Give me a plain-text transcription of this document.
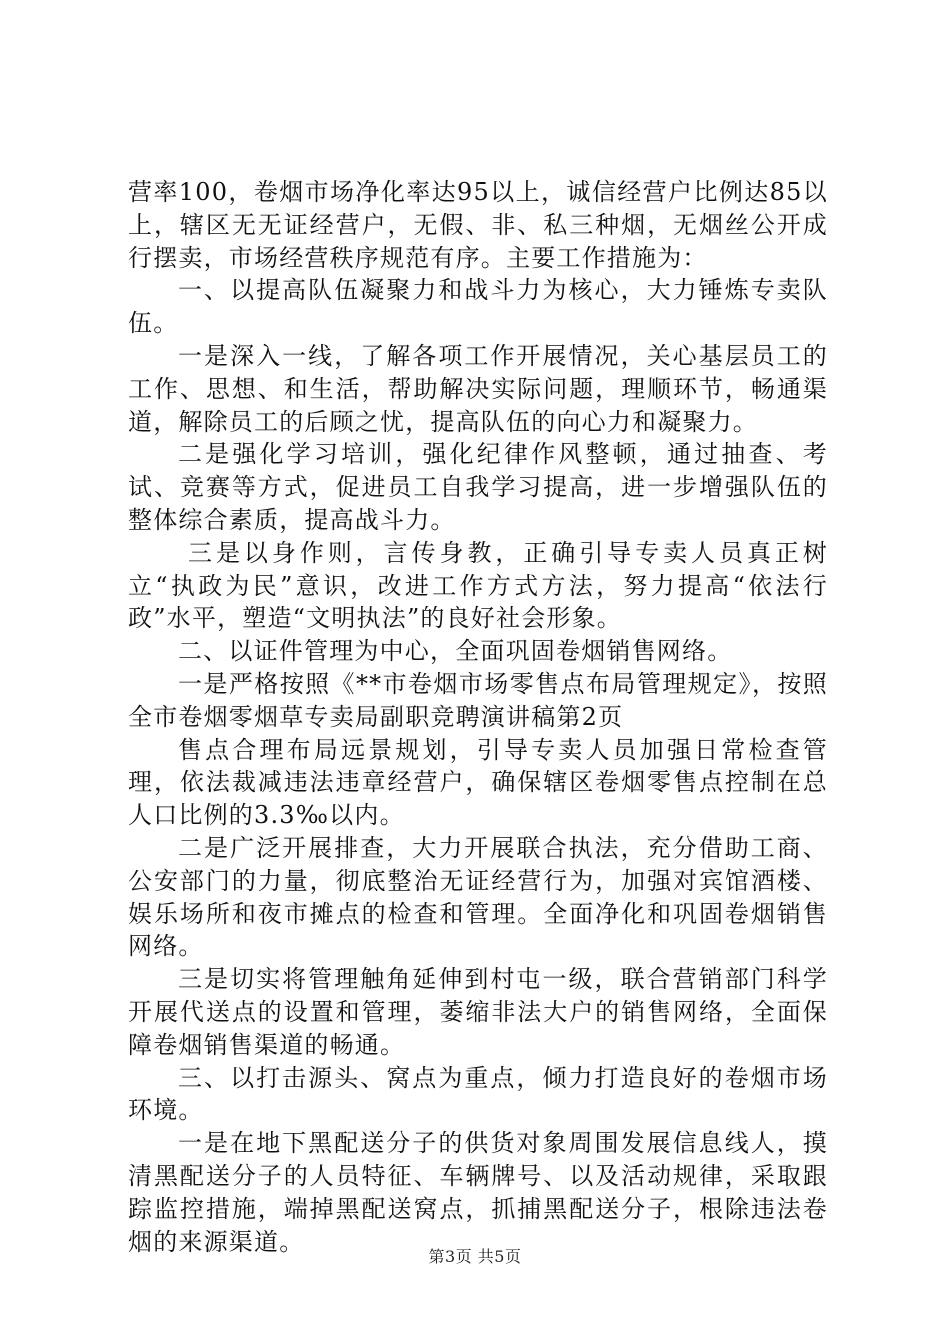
营率100，卷烟市场净化率达95以上，诚信经营户比例达85以上，辖区无无证经营户，无假、非、私三种烟，无烟丝公开成行摆卖，市场经营秩序规范有序。主要工作措施为：

一、以提高队伍凝聚力和战斗力为核心，大力锤炼专卖队伍。

一是深入一线，了解各项工作开展情况，关心基层员工的工作、思想、和生活，帮助解决实际问题，理顺环节，畅通渠道，解除员工的后顾之忧，提高队伍的向心力和凝聚力。

二是强化学习培训，强化纪律作风整顿，通过抽查、考试、竞赛等方式，促进员工自我学习提高，进一步增强队伍的整体综合素质，提高战斗力。

三是以身作则，言传身教，正确引导专卖人员真正树立“执政为民”意识，改进工作方式方法，努力提高“依法行政”水平，塑造“文明执法”的良好社会形象。

二、以证件管理为中心，全面巩固卷烟销售网络。

一是严格按照《**市卷烟市场零售点布局管理规定》，按照全市卷烟零烟草专卖局副职竞聘演讲稿第2页

售点合理布局远景规划，引导专卖人员加强日常检查管理，依法裁减违法违章经营户，确保辖区卷烟零售点控制在总人口比例的3.3‰以内。

二是广泛开展排查，大力开展联合执法，充分借助工商、公安部门的力量，彻底整治无证经营行为，加强对宾馆酒楼、娱乐场所和夜市摊点的检查和管理。全面净化和巩固卷烟销售网络。

三是切实将管理触角延伸到村屯一级，联合营销部门科学开展代送点的设置和管理，萎缩非法大户的销售网络，全面保障卷烟销售渠道的畅通。

三、以打击源头、窝点为重点，倾力打造良好的卷烟市场环境。

一是在地下黑配送分子的供货对象周围发展信息线人，摸清黑配送分子的人员特征、车辆牌号、以及活动规律，采取跟踪监控措施，端掉黑配送窝点，抓捕黑配送分子，根除违法卷烟的来源渠道。

第3页 共5页
